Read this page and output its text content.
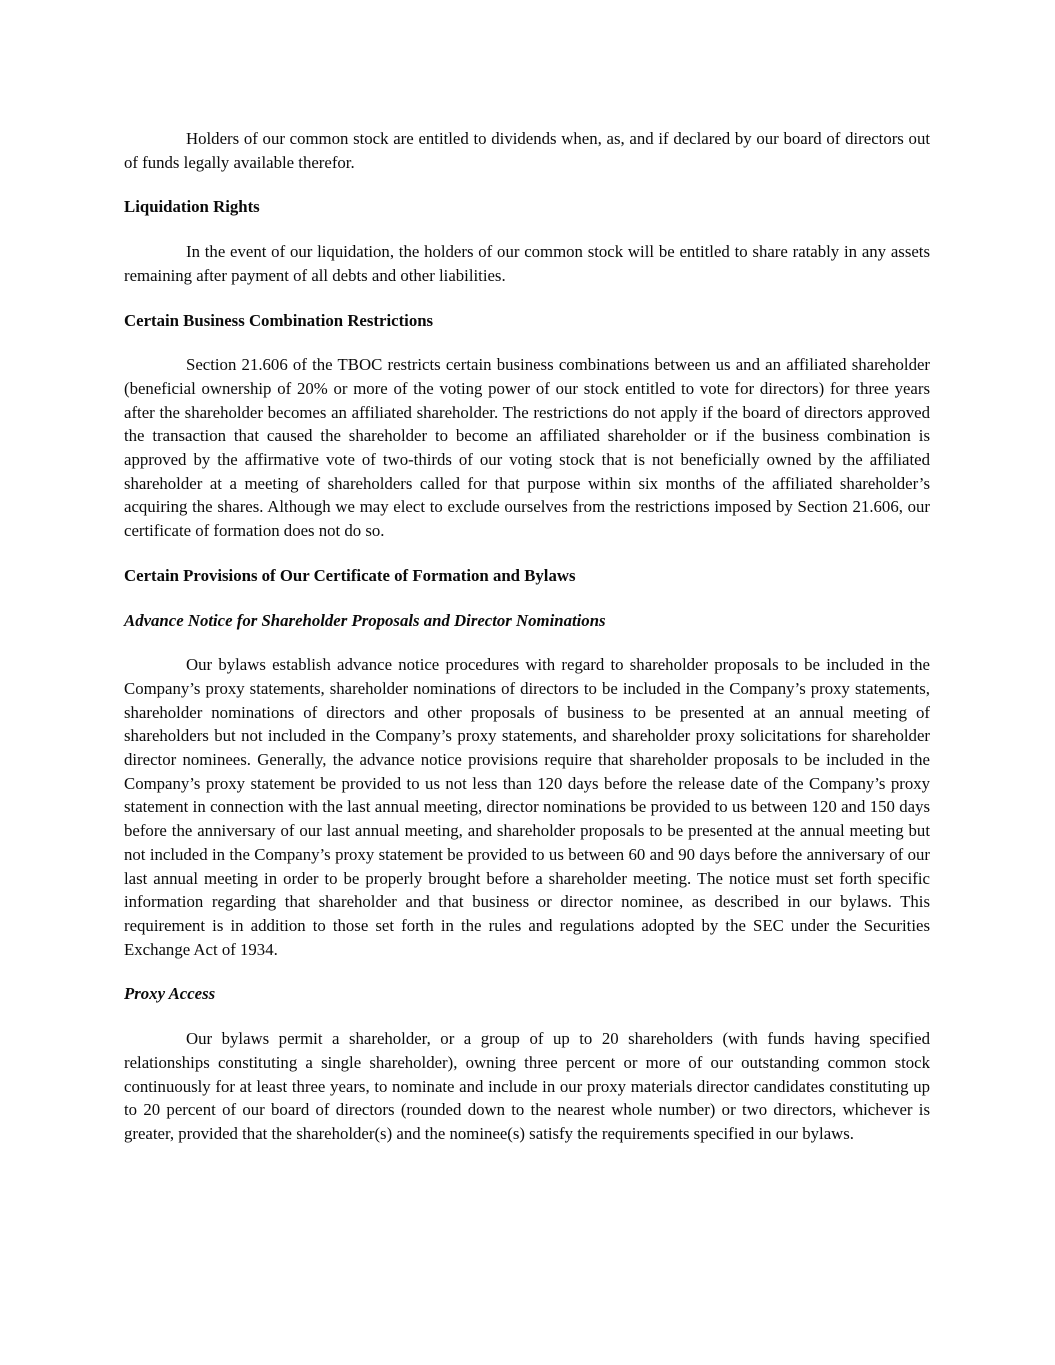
Holders of our common stock are entitled to dividends when, as, and if declared by our board of directors out of funds legally available therefor.

Liquidation Rights

In the event of our liquidation, the holders of our common stock will be entitled to share ratably in any assets remaining after payment of all debts and other liabilities.

Certain Business Combination Restrictions

Section 21.606 of the TBOC restricts certain business combinations between us and an affiliated shareholder (beneficial ownership of 20% or more of the voting power of our stock entitled to vote for directors) for three years after the shareholder becomes an affiliated shareholder. The restrictions do not apply if the board of directors approved the transaction that caused the shareholder to become an affiliated shareholder or if the business combination is approved by the affirmative vote of two-thirds of our voting stock that is not beneficially owned by the affiliated shareholder at a meeting of shareholders called for that purpose within six months of the affiliated shareholder’s acquiring the shares. Although we may elect to exclude ourselves from the restrictions imposed by Section 21.606, our certificate of formation does not do so.

Certain Provisions of Our Certificate of Formation and Bylaws
Advance Notice for Shareholder Proposals and Director Nominations

Our bylaws establish advance notice procedures with regard to shareholder proposals to be included in the Company’s proxy statements, shareholder nominations of directors to be included in the Company’s proxy statements, shareholder nominations of directors and other proposals of business to be presented at an annual meeting of shareholders but not included in the Company’s proxy statements, and shareholder proxy solicitations for shareholder director nominees. Generally, the advance notice provisions require that shareholder proposals to be included in the Company’s proxy statement be provided to us not less than 120 days before the release date of the Company’s proxy statement in connection with the last annual meeting, director nominations be provided to us between 120 and 150 days before the anniversary of our last annual meeting, and shareholder proposals to be presented at the annual meeting but not included in the Company’s proxy statement be provided to us between 60 and 90 days before the anniversary of our last annual meeting in order to be properly brought before a shareholder meeting. The notice must set forth specific information regarding that shareholder and that business or director nominee, as described in our bylaws. This requirement is in addition to those set forth in the rules and regulations adopted by the SEC under the Securities Exchange Act of 1934.

Proxy Access

Our bylaws permit a shareholder, or a group of up to 20 shareholders (with funds having specified relationships constituting a single shareholder), owning three percent or more of our outstanding common stock continuously for at least three years, to nominate and include in our proxy materials director candidates constituting up to 20 percent of our board of directors (rounded down to the nearest whole number) or two directors, whichever is greater, provided that the shareholder(s) and the nominee(s) satisfy the requirements specified in our bylaws.
